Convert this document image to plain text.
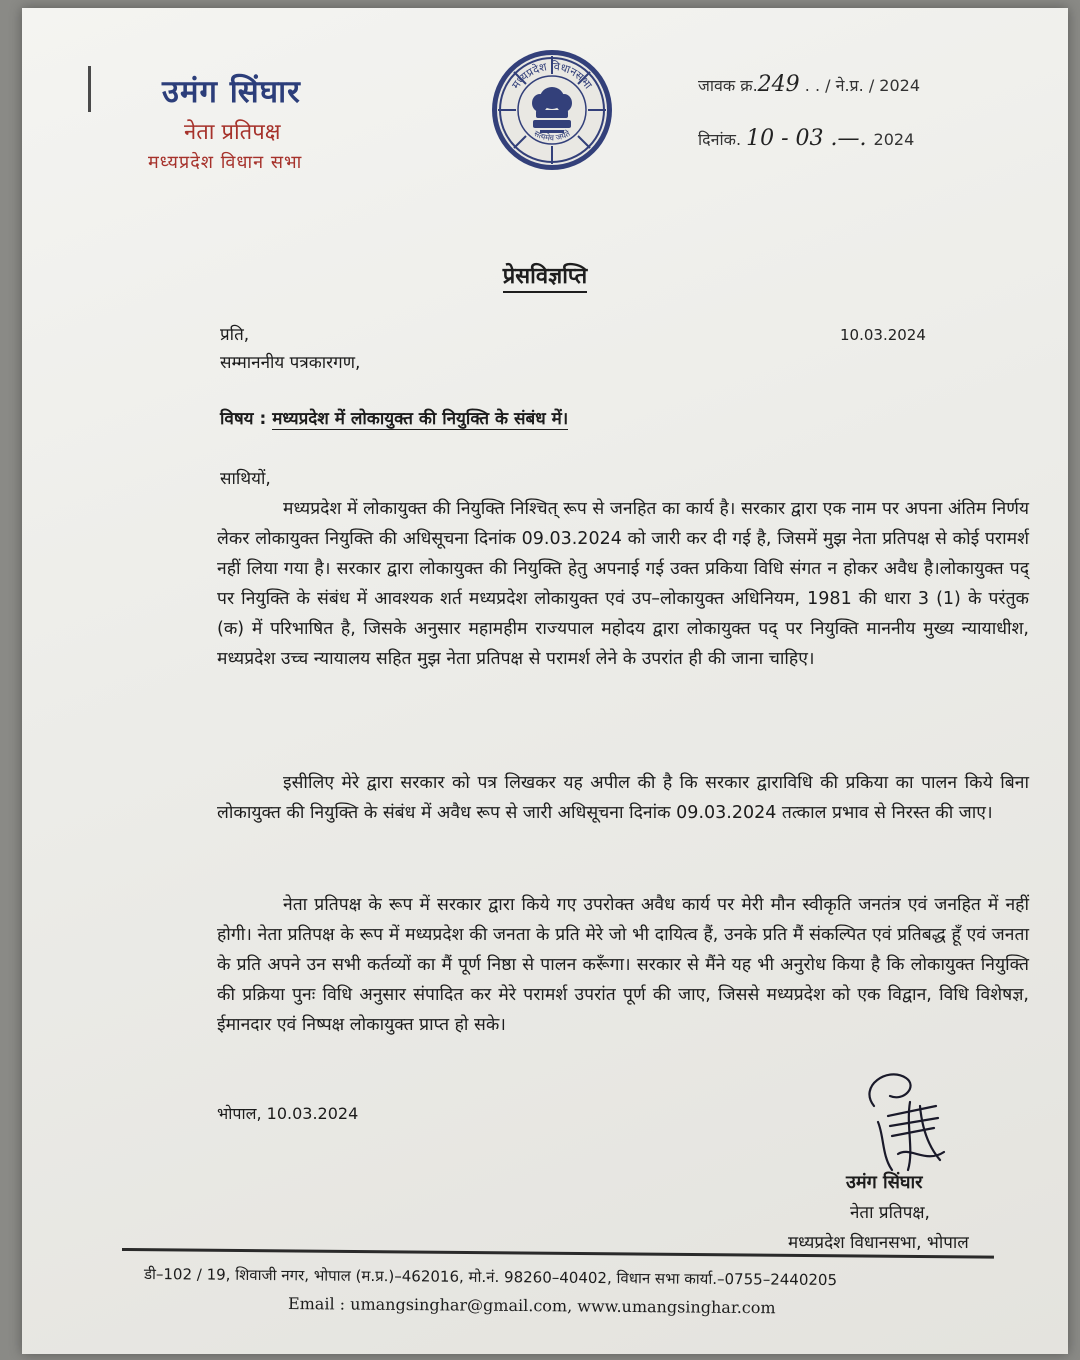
उमंग सिंघार
नेता प्रतिपक्ष
मध्यप्रदेश विधान सभा
मध्यप्रदेश विधानसभा
सत्यमेव जयते
जावक क्र.249 . . / ने.प्र. / 2024
दिनांक. 10 - 03 .—. 2024
प्रेसविज्ञप्ति
प्रति,
सम्माननीय पत्रकारगण,
10.03.2024
विषय : मध्यप्रदेश में लोकायुक्त की नियुक्ति के संबंध में।
साथियों,
मध्यप्रदेश में लोकायुक्त की नियुक्ति निश्चित् रूप से जनहित का कार्य है। सरकार द्वारा एक नाम पर अपना अंतिम निर्णय लेकर लोकायुक्त नियुक्ति की अधिसूचना दिनांक 09.03.2024 को जारी कर दी गई है, जिसमें मुझ नेता प्रतिपक्ष से कोई परामर्श नहीं लिया गया है। सरकार द्वारा लोकायुक्त की नियुक्ति हेतु अपनाई गई उक्त प्रकिया विधि संगत न होकर अवैध है।लोकायुक्त पद् पर नियुक्ति के संबंध में आवश्यक शर्त मध्यप्रदेश लोकायुक्त एवं उप–लोकायुक्त अधिनियम, 1981 की धारा 3 (1) के परंतुक (क) में परिभाषित है, जिसके अनुसार महामहीम राज्यपाल महोदय द्वारा लोकायुक्त पद् पर नियुक्ति माननीय मुख्य न्यायाधीश, मध्यप्रदेश उच्च न्यायालय सहित मुझ नेता प्रतिपक्ष से परामर्श लेने के उपरांत ही की जाना चाहिए।
इसीलिए मेरे द्वारा सरकार को पत्र लिखकर यह अपील की है कि सरकार द्वाराविधि की प्रकिया का पालन किये बिना लोकायुक्त की नियुक्ति के संबंध में अवैध रूप से जारी अधिसूचना दिनांक 09.03.2024 तत्काल प्रभाव से निरस्त की जाए।
नेता प्रतिपक्ष के रूप में सरकार द्वारा किये गए उपरोक्त अवैध कार्य पर मेरी मौन स्वीकृति जनतंत्र एवं जनहित में नहीं होगी। नेता प्रतिपक्ष के रूप में मध्यप्रदेश की जनता के प्रति मेरे जो भी दायित्व हैं, उनके प्रति मैं संकल्पित एवं प्रतिबद्ध हूँ एवं जनता के प्रति अपने उन सभी कर्तव्यों का मैं पूर्ण निष्ठा से पालन करूँगा। सरकार से मैंने यह भी अनुरोध किया है कि लोकायुक्त नियुक्ति की प्रक्रिया पुनः विधि अनुसार संपादित कर मेरे परामर्श उपरांत पूर्ण की जाए, जिससे मध्यप्रदेश को एक विद्वान, विधि विशेषज्ञ, ईमानदार एवं निष्पक्ष लोकायुक्त प्राप्त हो सके।
भोपाल, 10.03.2024
उमंग सिंघार
नेता प्रतिपक्ष,
मध्यप्रदेश विधानसभा, भोपाल
डी–102 / 19, शिवाजी नगर, भोपाल (म.प्र.)–462016, मो.नं. 98260–40402, विधान सभा कार्या.–0755–2440205
Email : umangsinghar@gmail.com, www.umangsinghar.com
